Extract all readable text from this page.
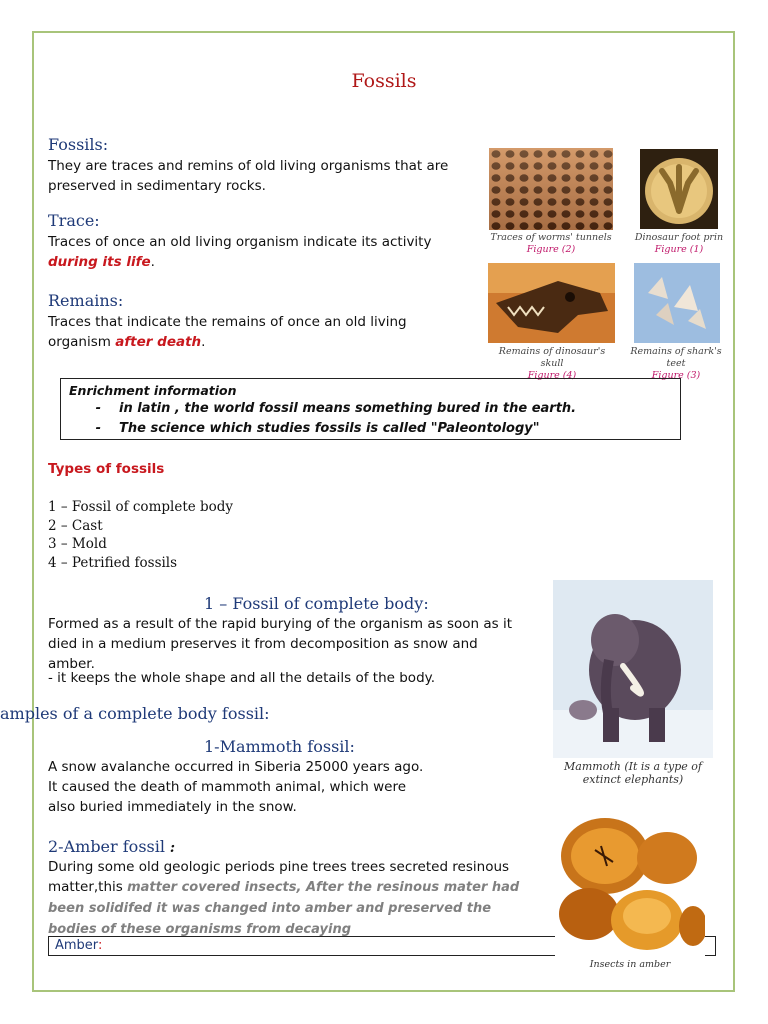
Fossils
Fossils:
They are traces and remins of old living organisms that are preserved in sedimentary rocks.
Trace:
Traces of once an old living organism indicate its activity during its life.
Remains:
Traces that indicate the remains of once an old living organism after death.
Traces of worms' tunnels
Figure (2)
Dinosaur foot prin
Figure (1)
Remains of dinosaur's skull
Figure (4)
Remains of shark's teet
Figure (3)
Enrichment information
-	in latin , the world fossil means something bured in the earth.
-	The science which studies fossils is called "Paleontology"
Types of fossils
1 – Fossil of complete body
2 – Cast
3 – Mold
4 – Petrified fossils
1 – Fossil of complete body:
Formed as a result of the rapid burying of the organism as soon as it died in a medium preserves it from decomposition as snow and amber.
- it keeps the whole shape and all the details of the body.
amples of a complete body fossil:
Mammoth (It is a type of extinct elephants)
1-Mammoth fossil:
A snow avalanche occurred in Siberia 25000 years ago. It caused the death of mammoth animal, which were also buried immediately in the snow.
2-Amber fossil :
During some old geologic periods pine trees trees secreted resinous matter,this matter covered insects, After the resinous mater had been solidifed it was changed into amber and preserved the bodies of these organisms from decaying
Amber:
Insects in amber
